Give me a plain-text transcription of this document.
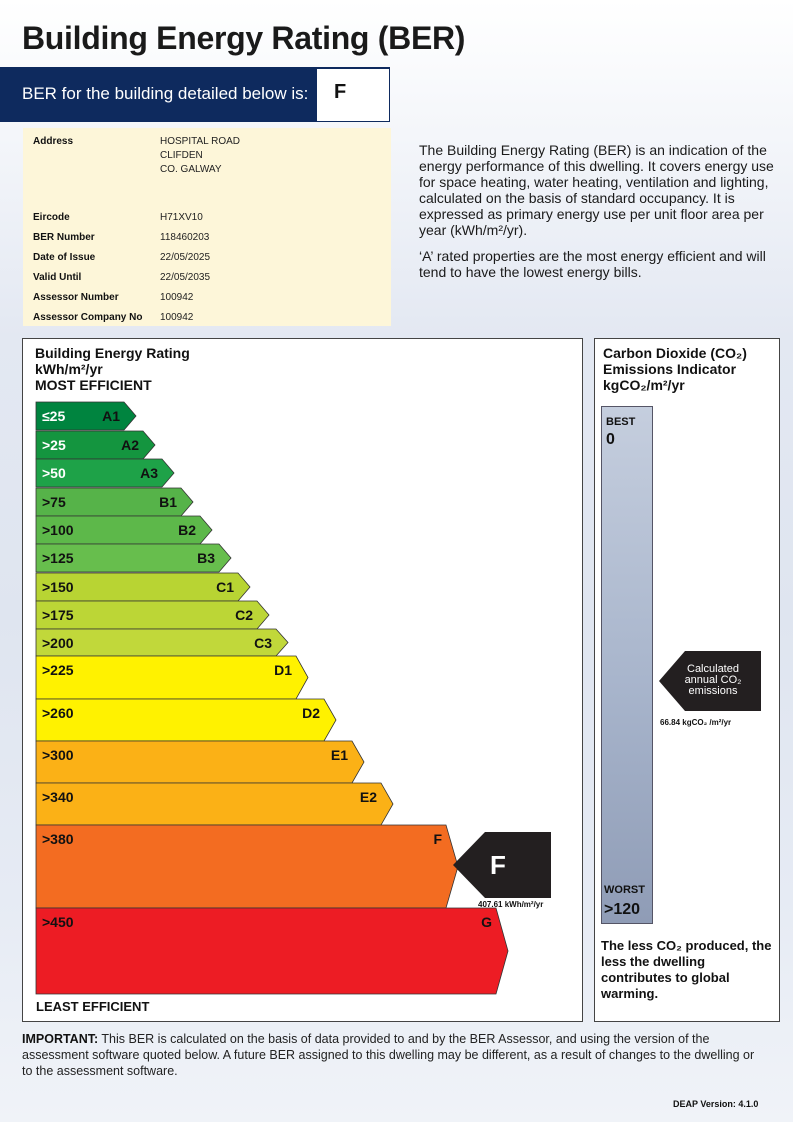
Building Energy Rating (BER)
BER for the building detailed below is: F
Address	HOSPITAL ROAD
CLIFDEN
CO. GALWAY
Eircode	H71XV10
BER Number	118460203
Date of Issue	22/05/2025
Valid Until	22/05/2035
Assessor Number	100942
Assessor Company No 100942

The Building Energy Rating (BER) is an indication of the energy performance of this dwelling. It covers energy use for space heating, water heating, ventilation and lighting, calculated on the basis of standard occupancy. It is expressed as primary energy use per unit floor area per year (kWh/m²/yr).

‘A’ rated properties are the most energy efficient and will tend to have the lowest energy bills.

Building Energy Rating
kWh/m²/yr
MOST EFFICIENT
≤25	A1
>25	A2
>50	A3
>75	B1
>100	B2
>125	B3
>150	C1
>175	C2
>200	C3
>225	D1
>260	D2
>300	E1
>340	E2
>380	F
>450	G
LEAST EFFICIENT
F
407.61 kWh/m²/yr
Carbon Dioxide (CO₂) Emissions Indicator
kgCO₂/m²/yr
BEST
0
WORST
>120
Calculated annual CO₂ emissions
66.84 kgCO₂ /m²/yr
The less CO₂ produced, the less the dwelling contributes to global warming.
IMPORTANT: This BER is calculated on the basis of data provided to and by the BER Assessor, and using the version of the assessment software quoted below. A future BER assigned to this dwelling may be different, as a result of changes to the dwelling or to the assessment software.
DEAP Version: 4.1.0
